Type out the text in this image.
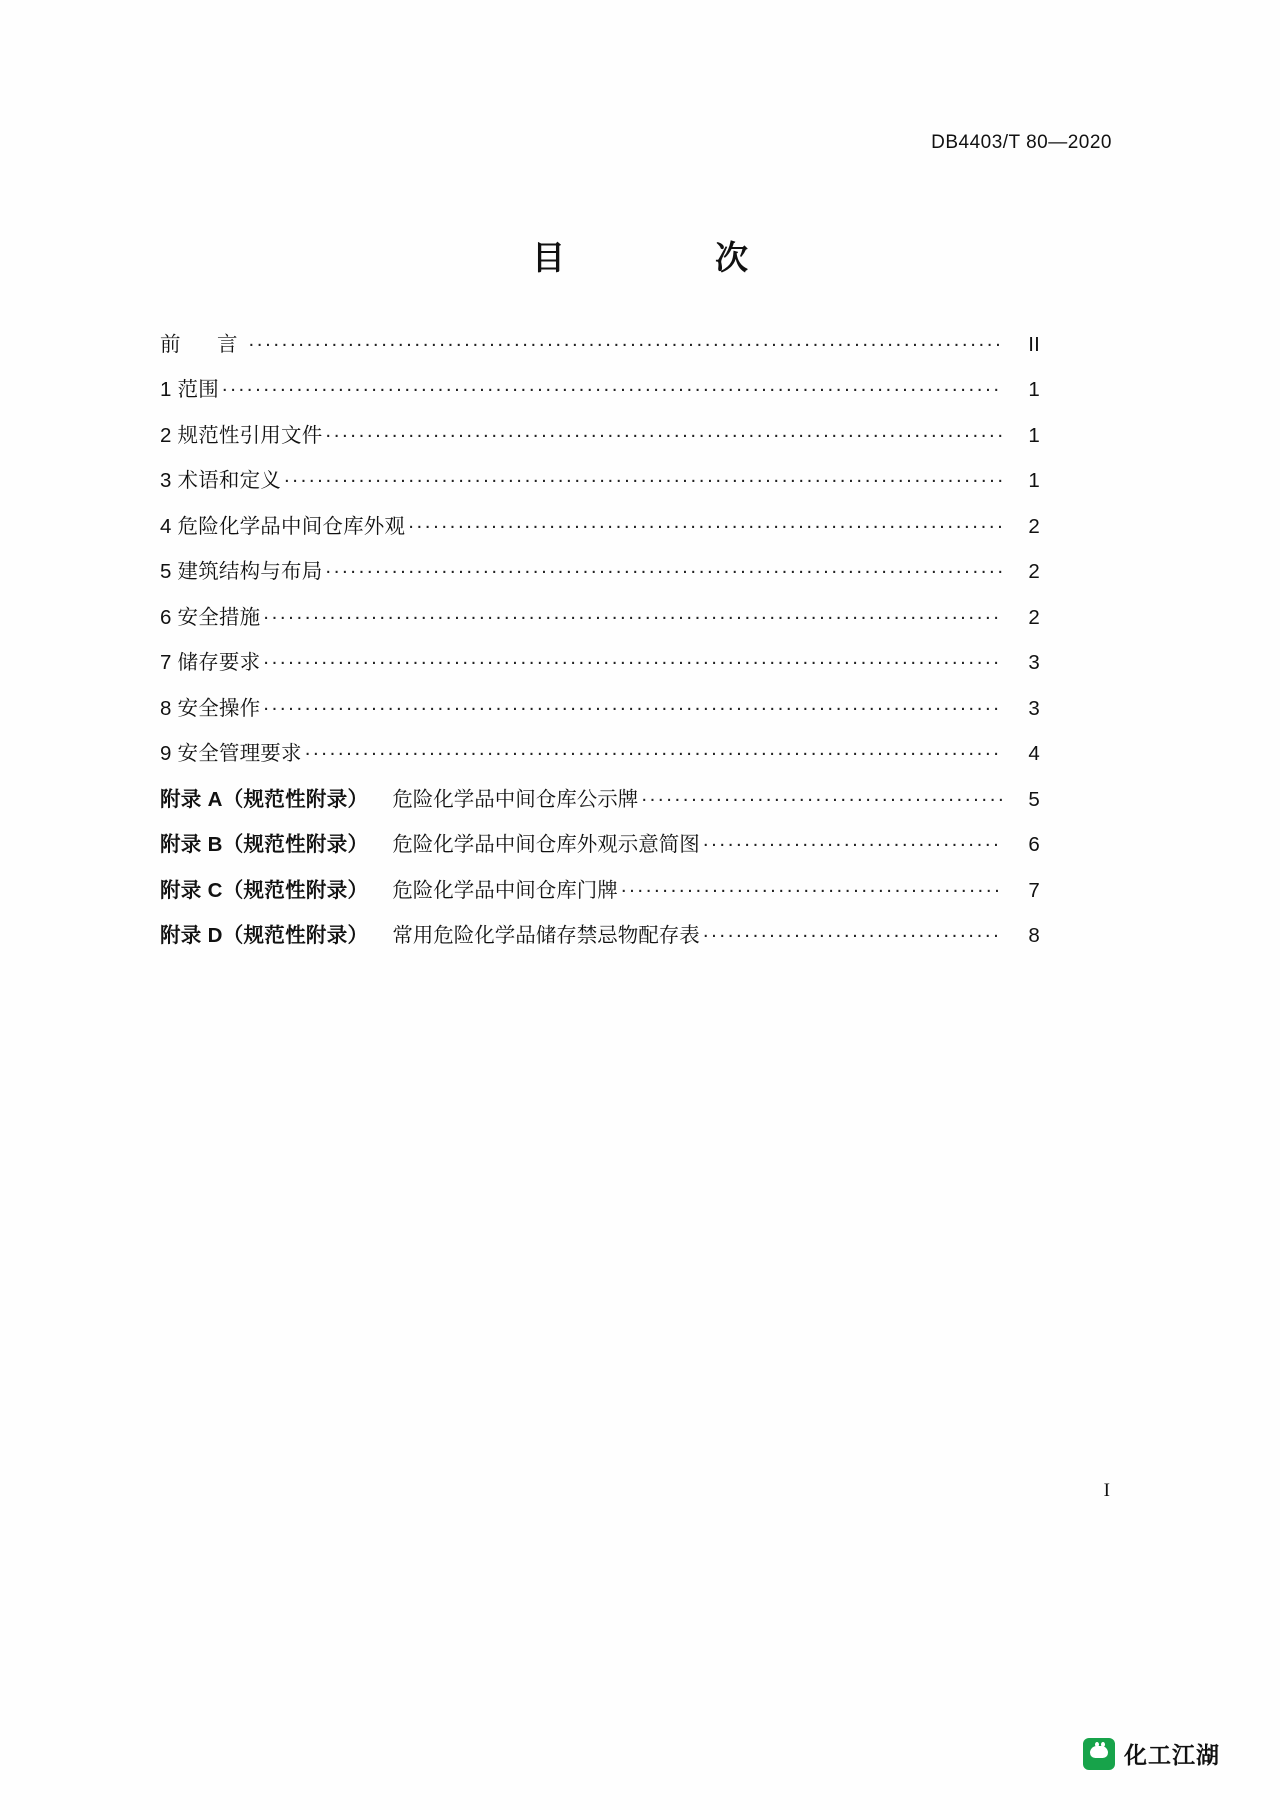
DB4403/T 80—2020
目　　次
前　言 .....	II
1 范围 .....	1
2 规范性引用文件 .....	1
3 术语和定义 .....	1
4 危险化学品中间仓库外观 .....	2
5 建筑结构与布局 .....	2
6 安全措施 .....	2
7 储存要求 .....	3
8 安全操作 .....	3
9 安全管理要求 .....	4
附录 A（规范性附录）	危险化学品中间仓库公示牌 .....	5
附录 B（规范性附录）	危险化学品中间仓库外观示意简图 .....	6
附录 C（规范性附录）	危险化学品中间仓库门牌 .....	7
附录 D（规范性附录）	常用危险化学品储存禁忌物配存表 .....	8
I
化工江湖
